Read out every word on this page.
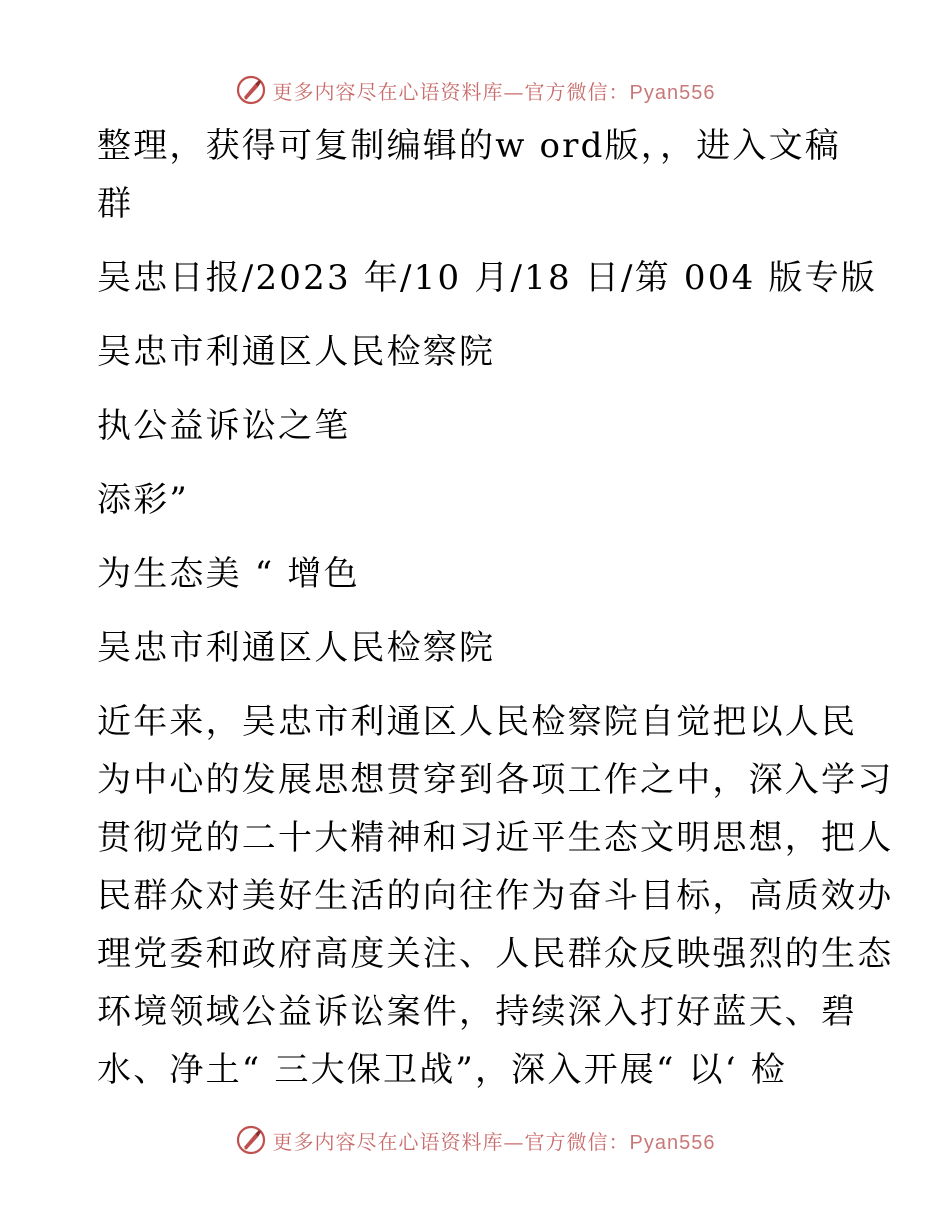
更多内容尽在心语资料库—官方微信：Pyan556
整理，获得可复制编辑的w ord版，，进入文稿
群
吴忠日报/2023 年/10 月/18 日/第 004 版专版
吴忠市利通区人民检察院
执公益诉讼之笔
添彩”
为生态美 “ 增色
吴忠市利通区人民检察院
近年来，吴忠市利通区人民检察院自觉把以人民
为中心的发展思想贯穿到各项工作之中，深入学习
贯彻党的二十大精神和习近平生态文明思想，把人
民群众对美好生活的向往作为奋斗目标，高质效办
理党委和政府高度关注、人民群众反映强烈的生态
环境领域公益诉讼案件，持续深入打好蓝天、碧
水、净土“ 三大保卫战”，深入开展“ 以‘ 检
更多内容尽在心语资料库—官方微信：Pyan556
